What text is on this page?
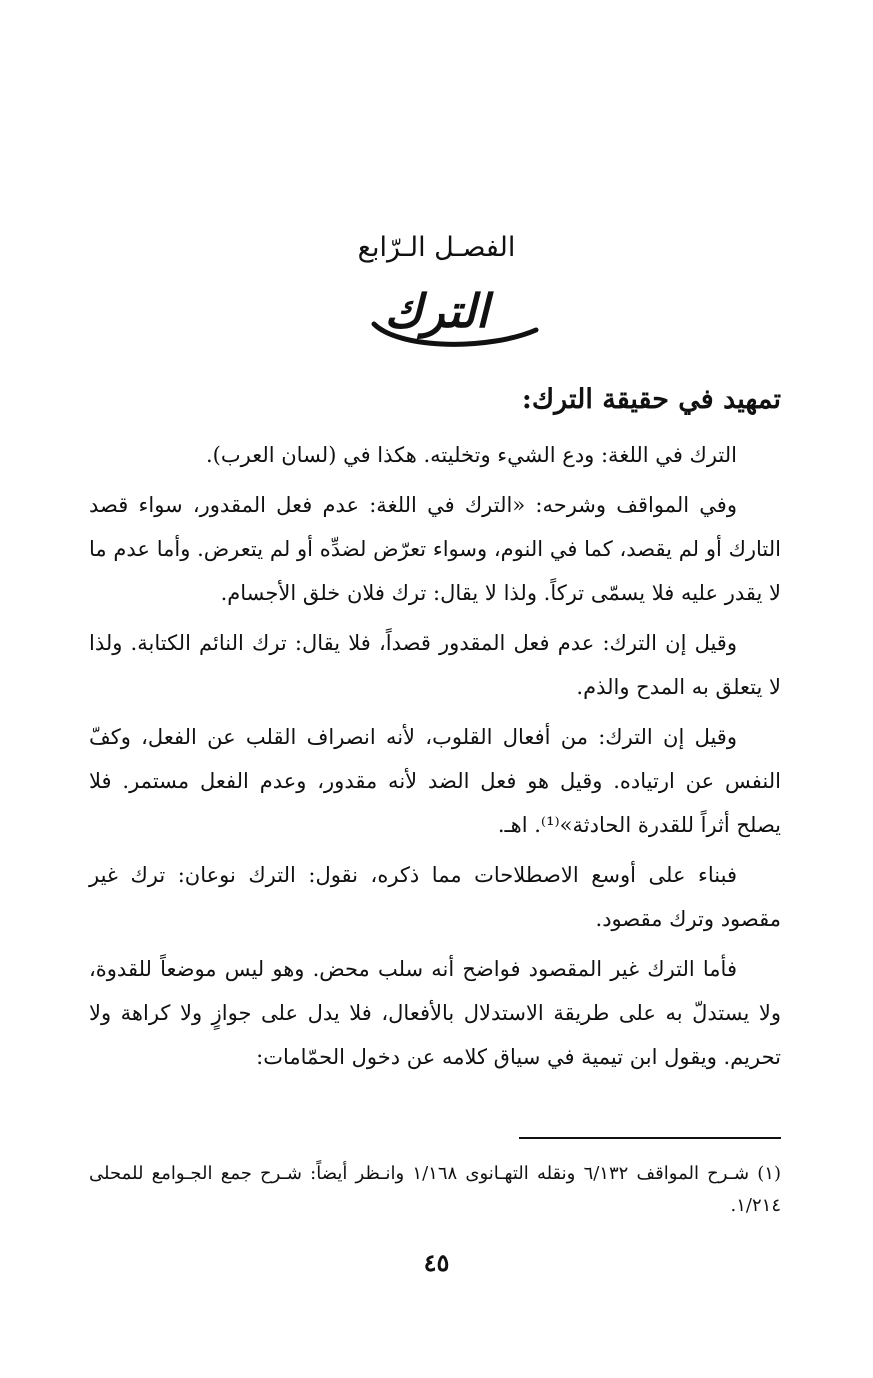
الفصـل الـرّابع
الترك
تمهيد في حقيقة الترك:

الترك في اللغة: ودع الشيء وتخليته. هكذا في (لسان العرب).

وفي المواقف وشرحه: «الترك في اللغة: عدم فعل المقدور، سواء قصد التارك أو لم يقصد، كما في النوم، وسواء تعرّض لضدِّه أو لم يتعرض. وأما عدم ما لا يقدر عليه فلا يسمّى تركاً. ولذا لا يقال: ترك فلان خلق الأجسام.

وقيل إن الترك: عدم فعل المقدور قصداً، فلا يقال: ترك النائم الكتابة. ولذا لا يتعلق به المدح والذم.

وقيل إن الترك: من أفعال القلوب، لأنه انصراف القلب عن الفعل، وكفّ النفس عن ارتياده. وقيل هو فعل الضد لأنه مقدور، وعدم الفعل مستمر. فلا يصلح أثراً للقدرة الحادثة»⁽¹⁾. اهـ.

فبناء على أوسع الاصطلاحات مما ذكره، نقول: الترك نوعان: ترك غير مقصود وترك مقصود.

فأما الترك غير المقصود فواضح أنه سلب محض. وهو ليس موضعاً للقدوة، ولا يستدلّ به على طريقة الاستدلال بالأفعال، فلا يدل على جوازٍ ولا كراهة ولا تحريم. ويقول ابن تيمية في سياق كلامه عن دخول الحمّامات:

(١) شـرح المواقف ٦/١٣٢ ونقله التهـانوى ١/١٦٨ وانـظر أيضاً: شـرح جمع الجـوامع للمحلى ١/٢١٤.
٤٥
